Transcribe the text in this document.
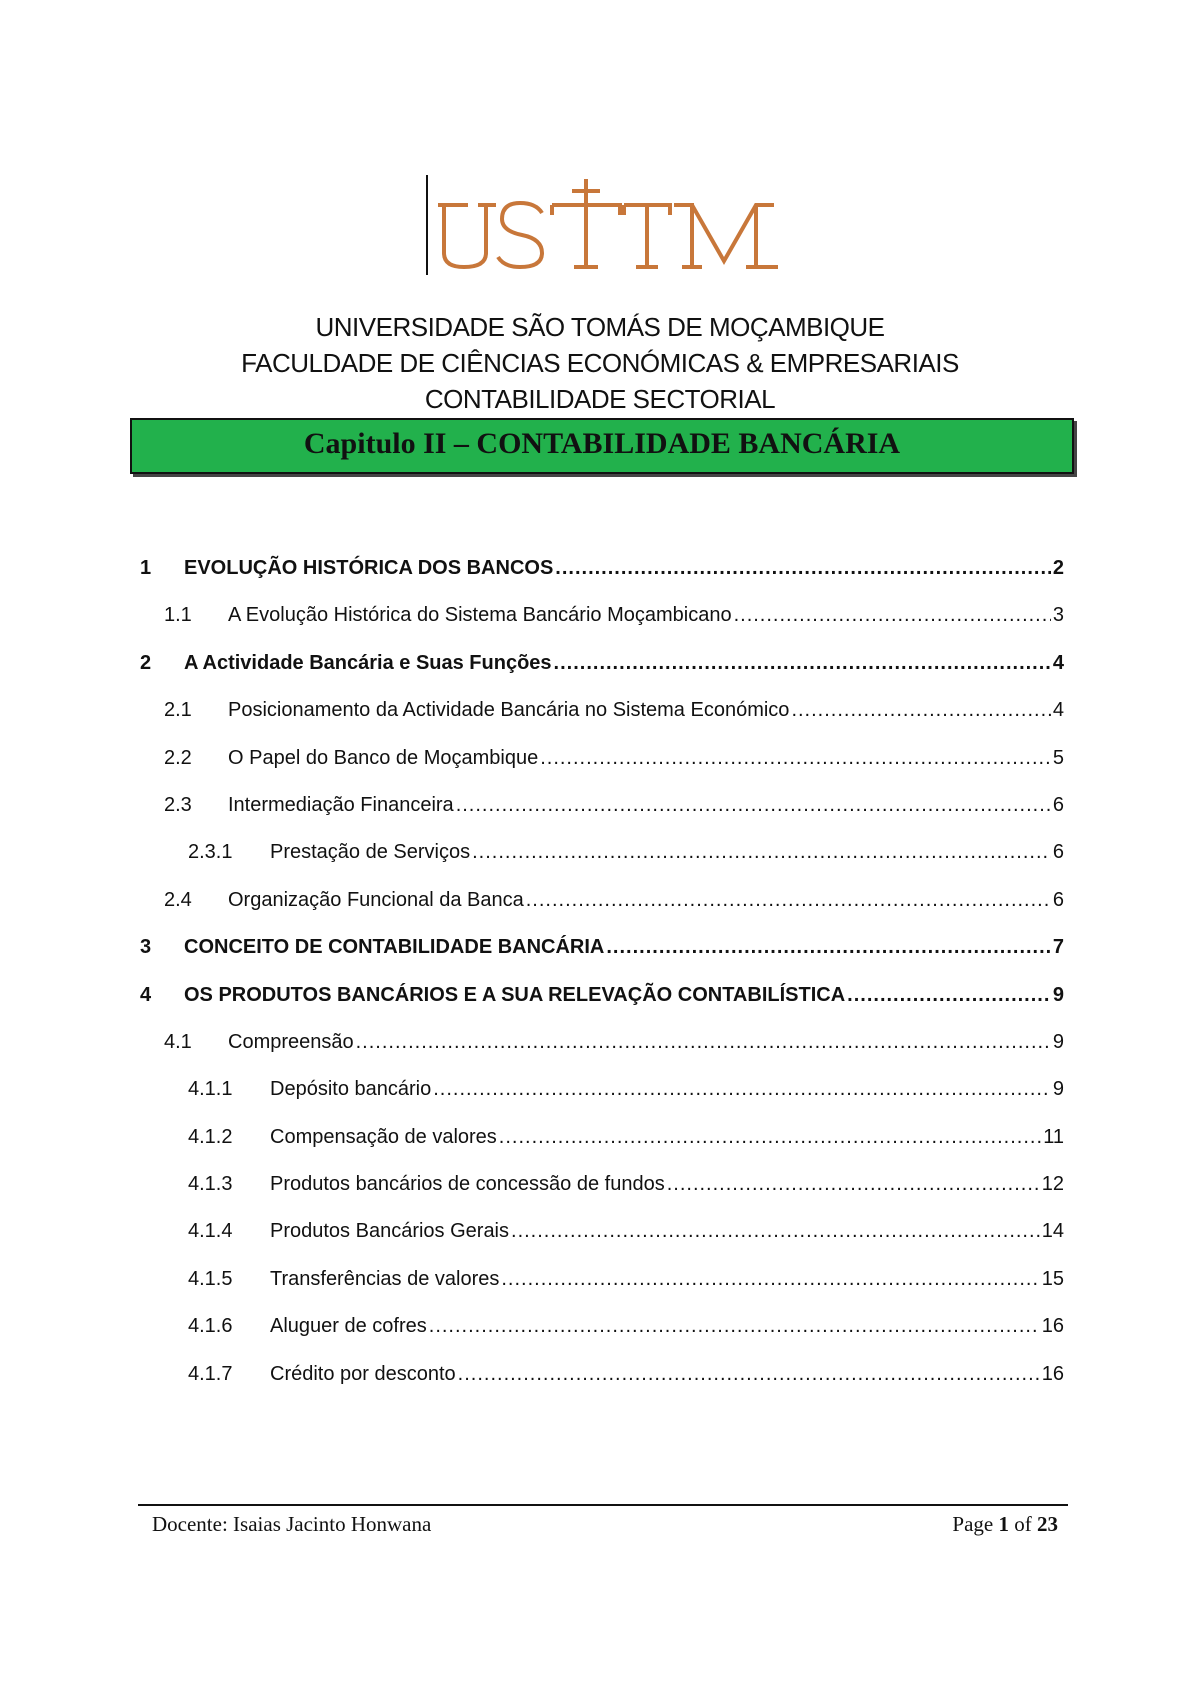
UNIVERSIDADE SÃO TOMÁS DE MOÇAMBIQUE
FACULDADE DE CIÊNCIAS ECONÓMICAS & EMPRESARIAIS
CONTABILIDADE SECTORIAL
Capitulo II – CONTABILIDADE BANCÁRIA
1	EVOLUÇÃO HISTÓRICA DOS BANCOS .....	2
1.1	A Evolução Histórica do Sistema Bancário Moçambicano .....	3
2	A Actividade Bancária e Suas Funções .....	4
2.1	Posicionamento da Actividade Bancária no Sistema Económico .....	4
2.2	O Papel do Banco de Moçambique .....	5
2.3	Intermediação Financeira .....	6
2.3.1	Prestação de Serviços .....	6
2.4	Organização Funcional da Banca .....	6
3	CONCEITO DE CONTABILIDADE BANCÁRIA .....	7
4	OS PRODUTOS BANCÁRIOS E A SUA RELEVAÇÃO CONTABILÍSTICA .....	9
4.1	Compreensão .....	9
4.1.1	Depósito bancário .....	9
4.1.2	Compensação de valores .....	11
4.1.3	Produtos bancários de concessão de fundos .....	12
4.1.4	Produtos Bancários Gerais .....	14
4.1.5	Transferências de valores .....	15
4.1.6	Aluguer de cofres .....	16
4.1.7	Crédito por desconto .....	16
Docente: Isaias Jacinto Honwana	Page 1 of 23
